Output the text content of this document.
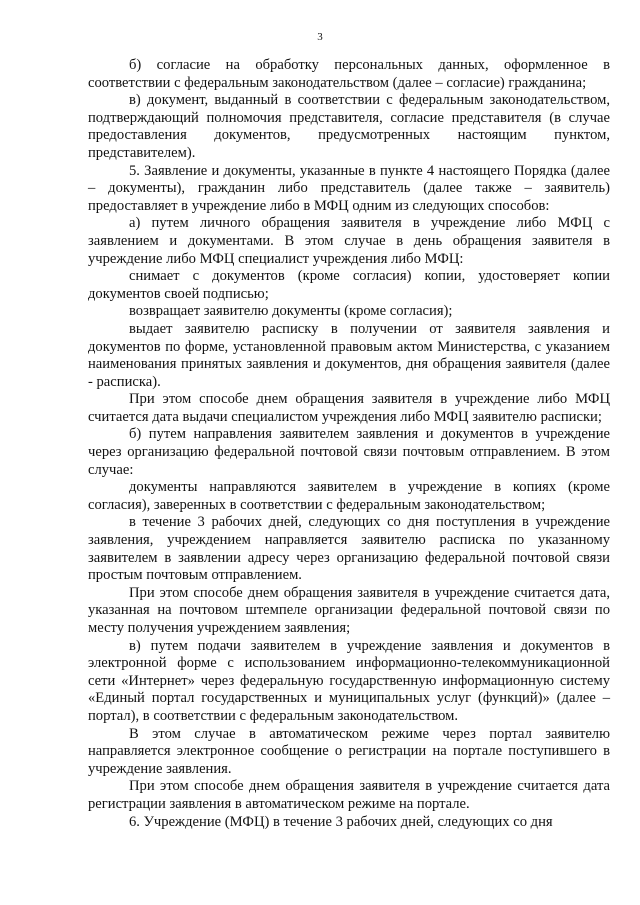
3

б) согласие на обработку персональных данных, оформленное в соответствии с федеральным законодательством (далее – согласие) гражданина;

в) документ, выданный в соответствии с федеральным законодательством, подтверждающий полномочия представителя, согласие представителя (в случае предоставления документов, предусмотренных настоящим пунктом, представителем).

5. Заявление и документы, указанные в пункте 4 настоящего Порядка (далее – документы), гражданин либо представитель (далее также – заявитель) предоставляет в учреждение либо в МФЦ одним из следующих способов:

а) путем личного обращения заявителя в учреждение либо МФЦ с заявлением и документами. В этом случае в день обращения заявителя в учреждение либо МФЦ специалист учреждения либо МФЦ:

снимает с документов (кроме согласия) копии, удостоверяет копии документов своей подписью;

возвращает заявителю документы (кроме согласия);

выдает заявителю расписку в получении от заявителя заявления и документов по форме, установленной правовым актом Министерства, с указанием наименования принятых заявления и документов, дня обращения заявителя (далее - расписка).

При этом способе днем обращения заявителя в учреждение либо МФЦ считается дата выдачи специалистом учреждения либо МФЦ заявителю расписки;

б) путем направления заявителем заявления и документов в учреждение через организацию федеральной почтовой связи почтовым отправлением. В этом случае:

документы направляются заявителем в учреждение в копиях (кроме согласия), заверенных в соответствии с федеральным законодательством;

в течение 3 рабочих дней, следующих со дня поступления в учреждение заявления, учреждением направляется заявителю расписка по указанному заявителем в заявлении адресу через организацию федеральной почтовой связи простым почтовым отправлением.

При этом способе днем обращения заявителя в учреждение считается дата, указанная на почтовом штемпеле организации федеральной почтовой связи по месту получения учреждением заявления;

в) путем подачи заявителем в учреждение заявления и документов в электронной форме с использованием информационно-телекоммуникационной сети «Интернет» через федеральную государственную информационную систему «Единый портал государственных и муниципальных услуг (функций)» (далее – портал), в соответствии с федеральным законодательством.

В этом случае в автоматическом режиме через портал заявителю направляется электронное сообщение о регистрации на портале поступившего в учреждение заявления.

При этом способе днем обращения заявителя в учреждение считается дата регистрации заявления в автоматическом режиме на портале.

6. Учреждение (МФЦ) в течение 3 рабочих дней, следующих со дня
